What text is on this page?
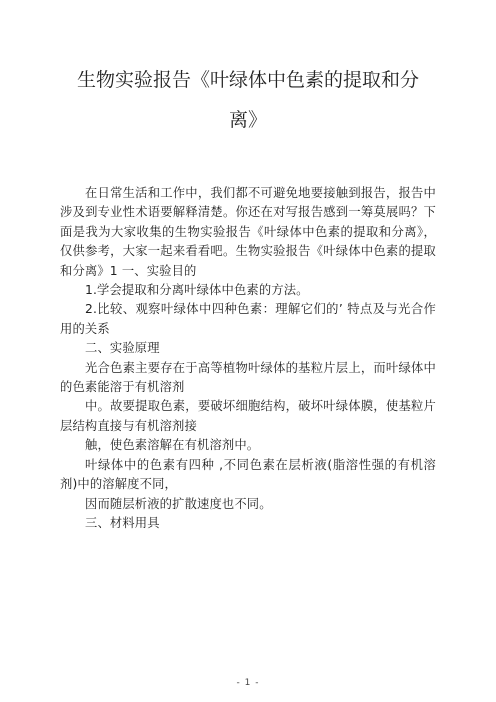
生物实验报告《叶绿体中色素的提取和分
离》

在日常生活和工作中，我们都不可避免地要接触到报告，报告中涉及到专业性术语要解释清楚。你还在对写报告感到一筹莫展吗？下面是我为大家收集的生物实验报告《叶绿体中色素的提取和分离》，仅供参考，大家一起来看看吧。生物实验报告《叶绿体中色素的提取和分离》1 一、实验目的

1.学会提取和分离叶绿体中色素的方法。

2.比较、观察叶绿体中四种色素：理解它们的’ 特点及与光合作用的关系

二、实验原理

光合色素主要存在于高等植物叶绿体的基粒片层上，而叶绿体中的色素能溶于有机溶剂

中。故要提取色素，要破坏细胞结构，破坏叶绿体膜，使基粒片层结构直接与有机溶剂接

触，使色素溶解在有机溶剂中。

叶绿体中的色素有四种 ,不同色素在层析液(脂溶性强的有机溶剂)中的溶解度不同，

因而随层析液的扩散速度也不同。

三、材料用具

- 1 -
